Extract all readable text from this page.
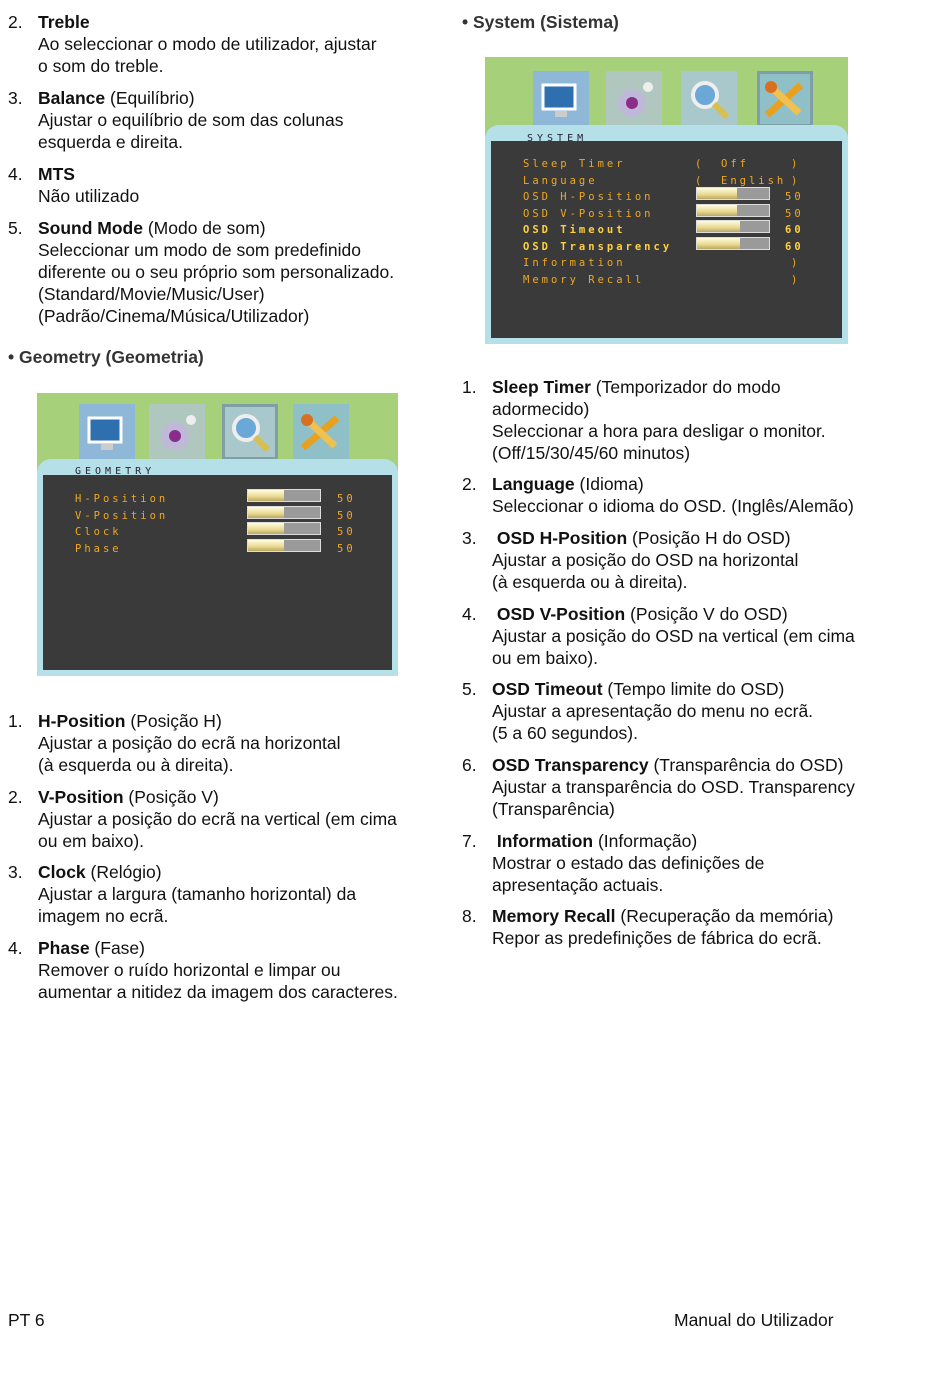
2. Treble
Ao seleccionar o modo de utilizador, ajustar
o som do treble.
3. Balance (Equilíbrio)
Ajustar o equilíbrio de som das colunas
esquerda e direita.
4. MTS
Não utilizado
5. Sound Mode (Modo de som)
Seleccionar um modo de som predefinido
diferente ou o seu próprio som personalizado.
(Standard/Movie/Music/User)
(Padrão/Cinema/Música/Utilizador)
• Geometry (Geometria)
GEOMETRY
H-Position	50
V-Position	50
Clock	50
Phase	50
1. H-Position (Posição H)
Ajustar a posição do ecrã na horizontal
(à esquerda ou à direita).
2. V-Position (Posição V)
Ajustar a posição do ecrã na vertical (em cima
ou em baixo).
3. Clock (Relógio)
Ajustar a largura (tamanho horizontal) da
imagem no ecrã.
4. Phase (Fase)
Remover o ruído horizontal e limpar ou
aumentar a nitidez da imagem dos caracteres.
• System (Sistema)
SYSTEM
Sleep Timer	( Off	)
Language	( English )
OSD H-Position	50
OSD V-Position	50
OSD Timeout	60
OSD Transparency	60
Information	)
Memory Recall	)
1. Sleep Timer (Temporizador do modo
adormecido)
Seleccionar a hora para desligar o monitor.
(Off/15/30/45/60 minutos)
2. Language (Idioma)
Seleccionar o idioma do OSD. (Inglês/Alemão)
3. OSD H-Position (Posição H do OSD)
Ajustar a posição do OSD na horizontal
(à esquerda ou à direita).
4. OSD V-Position (Posição V do OSD)
Ajustar a posição do OSD na vertical (em cima
ou em baixo).
5. OSD Timeout (Tempo limite do OSD)
Ajustar a apresentação do menu no ecrã.
(5 a 60 segundos).
6. OSD Transparency (Transparência do OSD)
Ajustar a transparência do OSD. Transparency
(Transparência)
7. Information (Informação)
Mostrar o estado das definições de
apresentação actuais.
8. Memory Recall (Recuperação da memória)
Repor as predefinições de fábrica do ecrã.
PT 6	Manual do Utilizador
